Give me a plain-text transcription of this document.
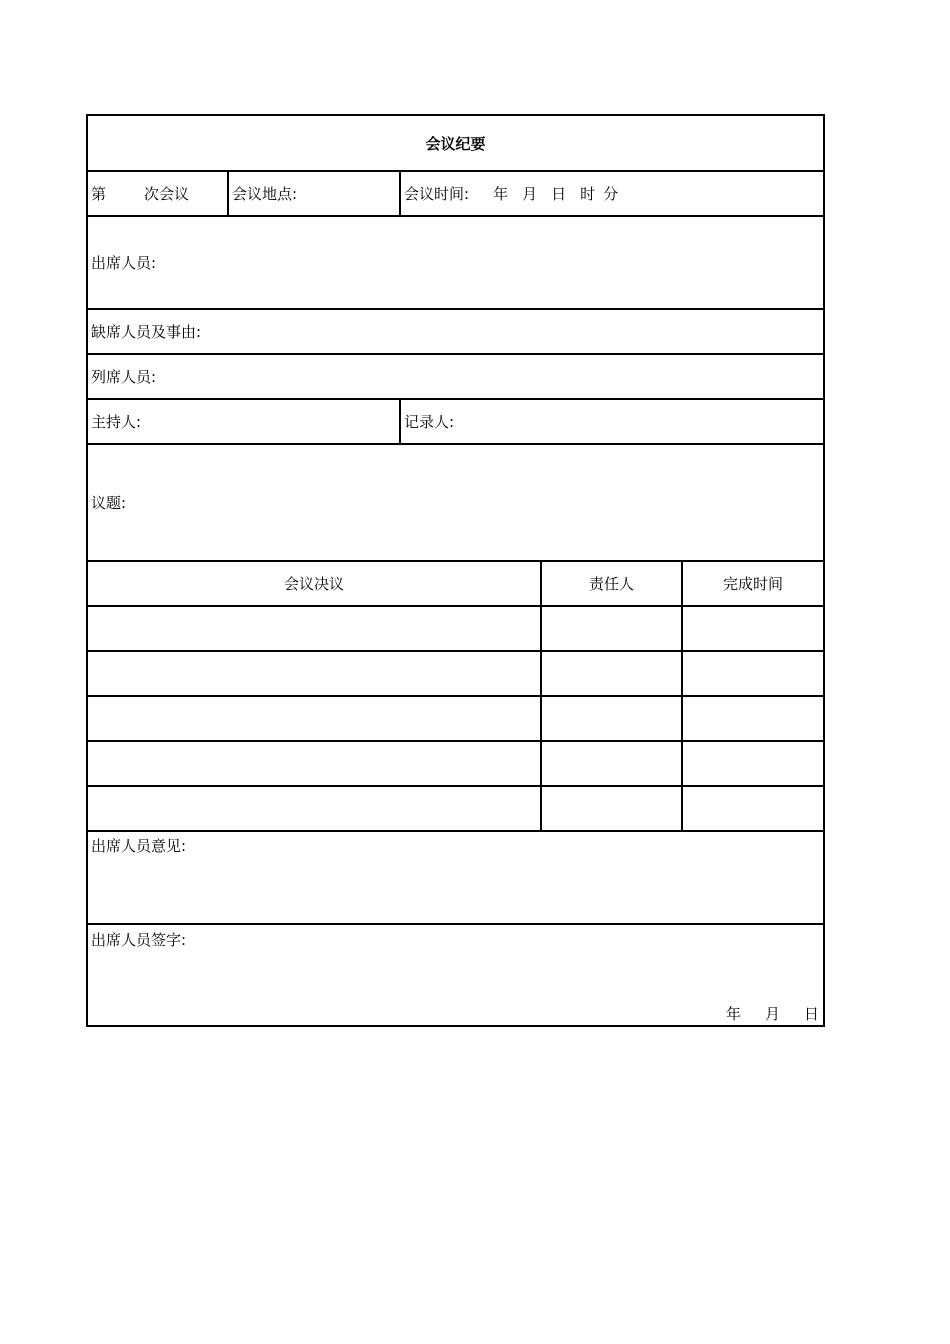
会议纪要				
第 次会议	会议地点:	会议时间: 年 月 日 时 分		
出席人员:				
缺席人员及事由:				
列席人员:				
主持人:		记录人:		
议题:				
会议决议			责任人	完成时间

出席人员意见:				

出席人员签字:
年 月 日				
